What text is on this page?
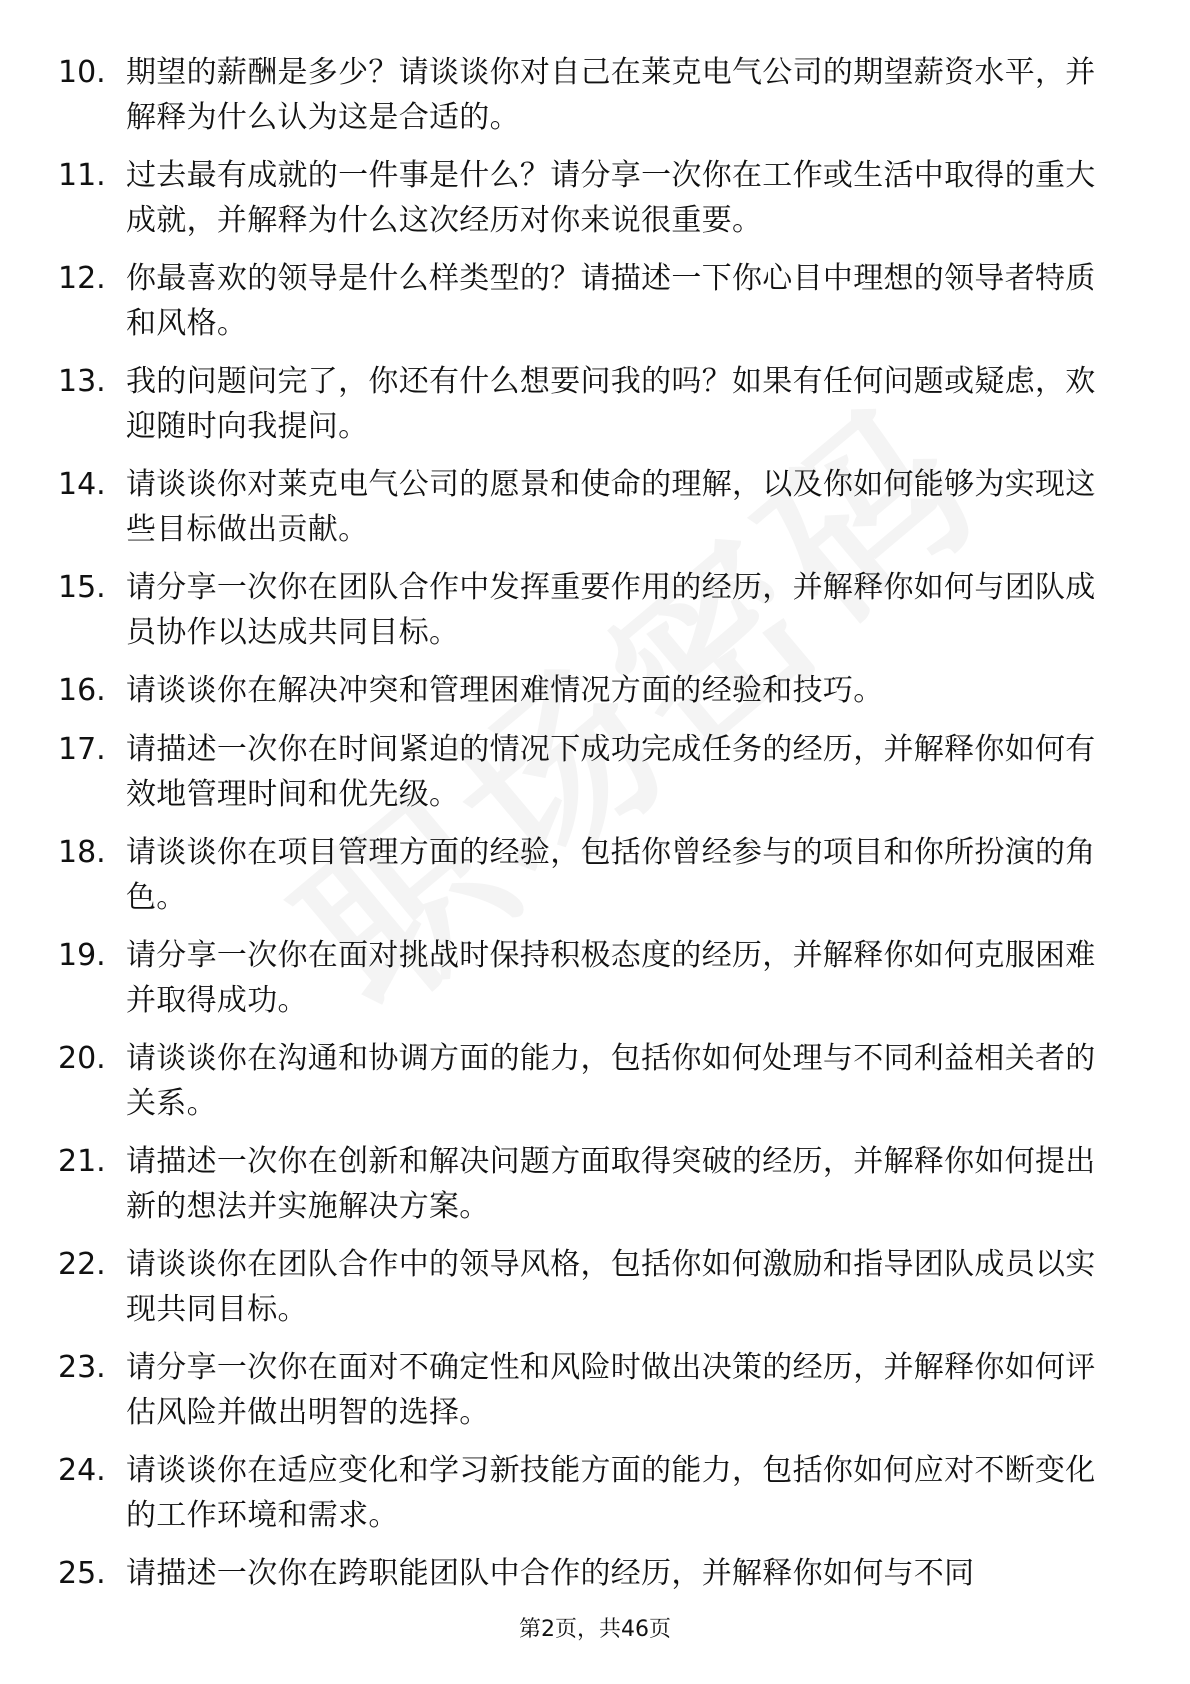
10. 期望的薪酬是多少？请谈谈你对自己在莱克电气公司的期望薪资水平，并解释为什么认为这是合适的。
11. 过去最有成就的一件事是什么？请分享一次你在工作或生活中取得的重大成就，并解释为什么这次经历对你来说很重要。
12. 你最喜欢的领导是什么样类型的？请描述一下你心目中理想的领导者特质和风格。
13. 我的问题问完了，你还有什么想要问我的吗？如果有任何问题或疑虑，欢迎随时向我提问。
14. 请谈谈你对莱克电气公司的愿景和使命的理解，以及你如何能够为实现这些目标做出贡献。
15. 请分享一次你在团队合作中发挥重要作用的经历，并解释你如何与团队成员协作以达成共同目标。
16. 请谈谈你在解决冲突和管理困难情况方面的经验和技巧。
17. 请描述一次你在时间紧迫的情况下成功完成任务的经历，并解释你如何有效地管理时间和优先级。
18. 请谈谈你在项目管理方面的经验，包括你曾经参与的项目和你所扮演的角色。
19. 请分享一次你在面对挑战时保持积极态度的经历，并解释你如何克服困难并取得成功。
20. 请谈谈你在沟通和协调方面的能力，包括你如何处理与不同利益相关者的关系。
21. 请描述一次你在创新和解决问题方面取得突破的经历，并解释你如何提出新的想法并实施解决方案。
22. 请谈谈你在团队合作中的领导风格，包括你如何激励和指导团队成员以实现共同目标。
23. 请分享一次你在面对不确定性和风险时做出决策的经历，并解释你如何评估风险并做出明智的选择。
24. 请谈谈你在适应变化和学习新技能方面的能力，包括你如何应对不断变化的工作环境和需求。
25. 请描述一次你在跨职能团队中合作的经历，并解释你如何与不同
第2页，共46页
